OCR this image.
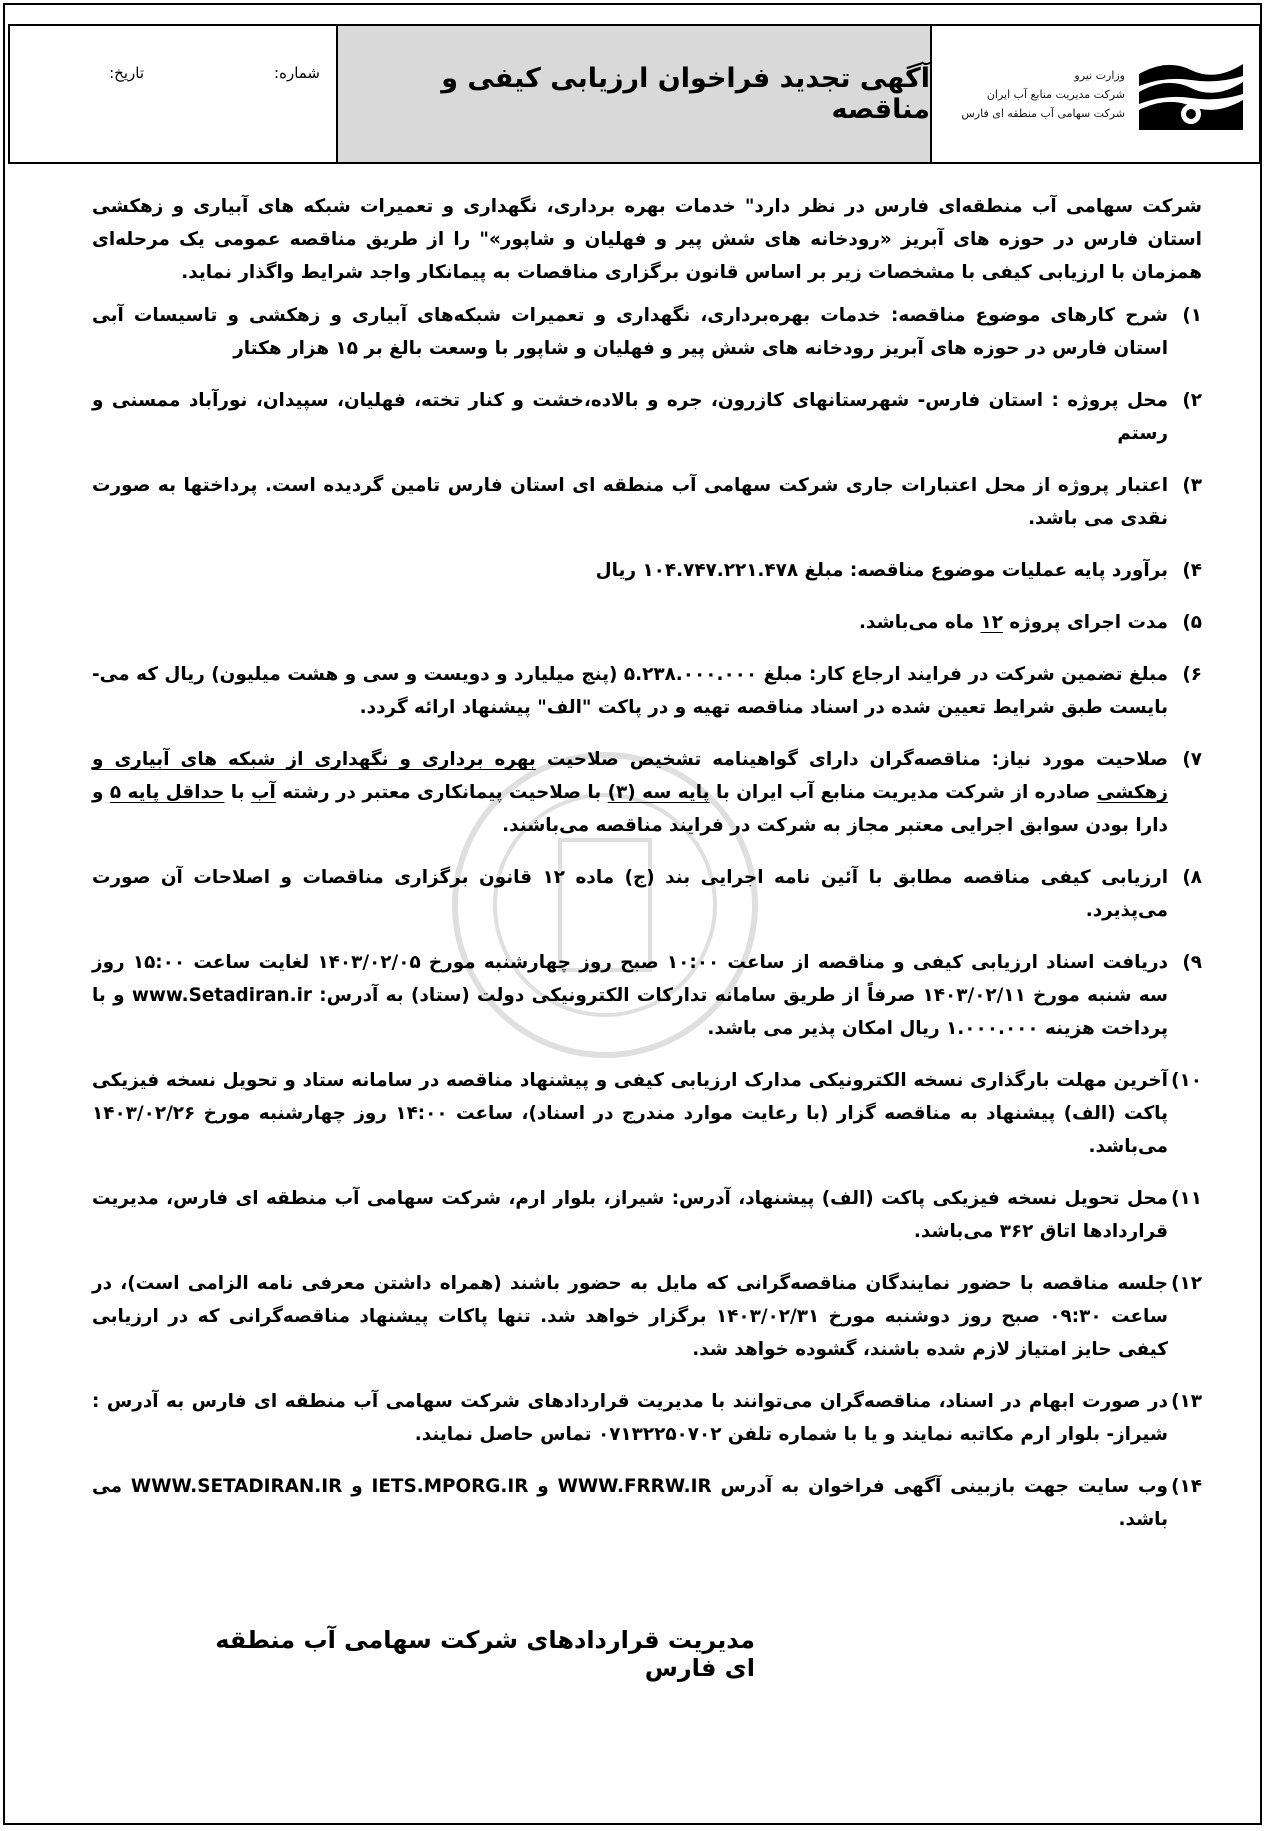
وزارت نیرو
شرکت مدیریت منابع آب ایران
شرکت سهامی آب منطقه ای فارس
آگهی تجدید فراخوان ارزیابی کیفی و مناقصه
شماره:
تاریخ:

شرکت سهامی آب منطقه‌ای فارس در نظر دارد" خدمات بهره برداری، نگهداری و تعمیرات شبکه های آبیاری و زهکشی استان فارس در حوزه های آبریز «رودخانه های شش پیر و فهلیان و شاپور»" را از طریق مناقصه عمومی یک مرحله‌ای همزمان با ارزیابی کیفی با مشخصات زیر بر اساس قانون برگزاری مناقصات به پیمانکار واجد شرایط واگذار نماید.

۱)
شرح کارهای موضوع مناقصه: خدمات بهره‌برداری، نگهداری و تعمیرات شبکه‌های آبیاری و زهکشی و تاسیسات آبی استان فارس در حوزه های آبریز رودخانه های شش پیر و فهلیان و شاپور با وسعت بالغ بر ۱۵ هزار هکتار
۲)
محل پروژه : استان فارس- شهرستانهای کازرون، جره و بالاده،خشت و کنار تخته، فهلیان، سپیدان، نورآباد ممسنی و رستم
۳)
اعتبار پروژه از محل اعتبارات جاری شرکت سهامی آب منطقه ای استان فارس تامین گردیده است. پرداختها به صورت نقدی می باشد.
۴)
برآورد پایه عملیات موضوع مناقصه: مبلغ ۱۰۴.۷۴۷.۲۲۱.۴۷۸ ریال
۵)
مدت اجرای پروژه ۱۲ ماه می‌باشد.
۶)
مبلغ تضمین شرکت در فرایند ارجاع کار: مبلغ ۵.۲۳۸.۰۰۰.۰۰۰ (پنج میلیارد و دویست و سی و هشت میلیون) ریال که می-بایست طبق شرایط تعیین شده در اسناد مناقصه تهیه و در پاکت "الف" پیشنهاد ارائه گردد.
۷)
صلاحیت مورد نیاز: مناقصه‌گران دارای گواهینامه تشخیص صلاحیت بهره برداری و نگهداری از شبکه های آبیاری و زهکشی صادره از شرکت مدیریت منابع آب ایران با پایه سه (۳) با صلاحیت پیمانکاری معتبر در رشته آب با حداقل پایه ۵ و دارا بودن سوابق اجرایی معتبر مجاز به شرکت در فرایند مناقصه می‌باشند.
۸)
ارزیابی کیفی مناقصه مطابق با آئین نامه اجرایی بند (ج) ماده ۱۲ قانون برگزاری مناقصات و اصلاحات آن صورت می‌پذیرد.
۹)
دریافت اسناد ارزیابی کیفی و مناقصه از ساعت ۱۰:۰۰ صبح روز چهارشنبه مورخ ۱۴۰۳/۰۲/۰۵ لغایت ساعت ۱۵:۰۰ روز سه شنبه مورخ ۱۴۰۳/۰۲/۱۱ صرفاً از طریق سامانه تدارکات الکترونیکی دولت (ستاد) به آدرس: www.Setadiran.ir و با پرداخت هزینه ۱.۰۰۰.۰۰۰ ریال امکان پذیر می باشد.
۱۰)
آخرین مهلت بارگذاری نسخه الکترونیکی مدارک ارزیابی کیفی و پیشنهاد مناقصه در سامانه ستاد و تحویل نسخه فیزیکی پاکت (الف) پیشنهاد به مناقصه گزار (با رعایت موارد مندرج در اسناد)، ساعت ۱۴:۰۰ روز چهارشنبه مورخ ۱۴۰۳/۰۲/۲۶ می‌باشد.
۱۱)
محل تحویل نسخه فیزیکی پاکت (الف) پیشنهاد، آدرس: شیراز، بلوار ارم، شرکت سهامی آب منطقه ای فارس، مدیریت قراردادها اتاق ۳۶۲ می‌باشد.
۱۲)
جلسه مناقصه با حضور نمایندگان مناقصه‌گرانی که مایل به حضور باشند (همراه داشتن معرفی نامه الزامی است)، در ساعت ۰۹:۳۰ صبح روز دوشنبه مورخ ۱۴۰۳/۰۲/۳۱ برگزار خواهد شد. تنها پاکات پیشنهاد مناقصه‌گرانی که در ارزیابی کیفی حایز امتیاز لازم شده باشند، گشوده خواهد شد.
۱۳)
در صورت ابهام در اسناد، مناقصه‌گران می‌توانند با مدیریت قراردادهای شرکت سهامی آب منطقه ای فارس به آدرس : شیراز- بلوار ارم مکاتبه نمایند و یا با شماره تلفن ۰۷۱۳۲۲۵۰۷۰۲ تماس حاصل نمایند.
۱۴)
وب سایت جهت بازبینی آگهی فراخوان به آدرس WWW.FRRW.IR و IETS.MPORG.IR و WWW.SETADIRAN.IR می باشد.
مدیریت قراردادهای شرکت سهامی آب منطقه ای فارس
